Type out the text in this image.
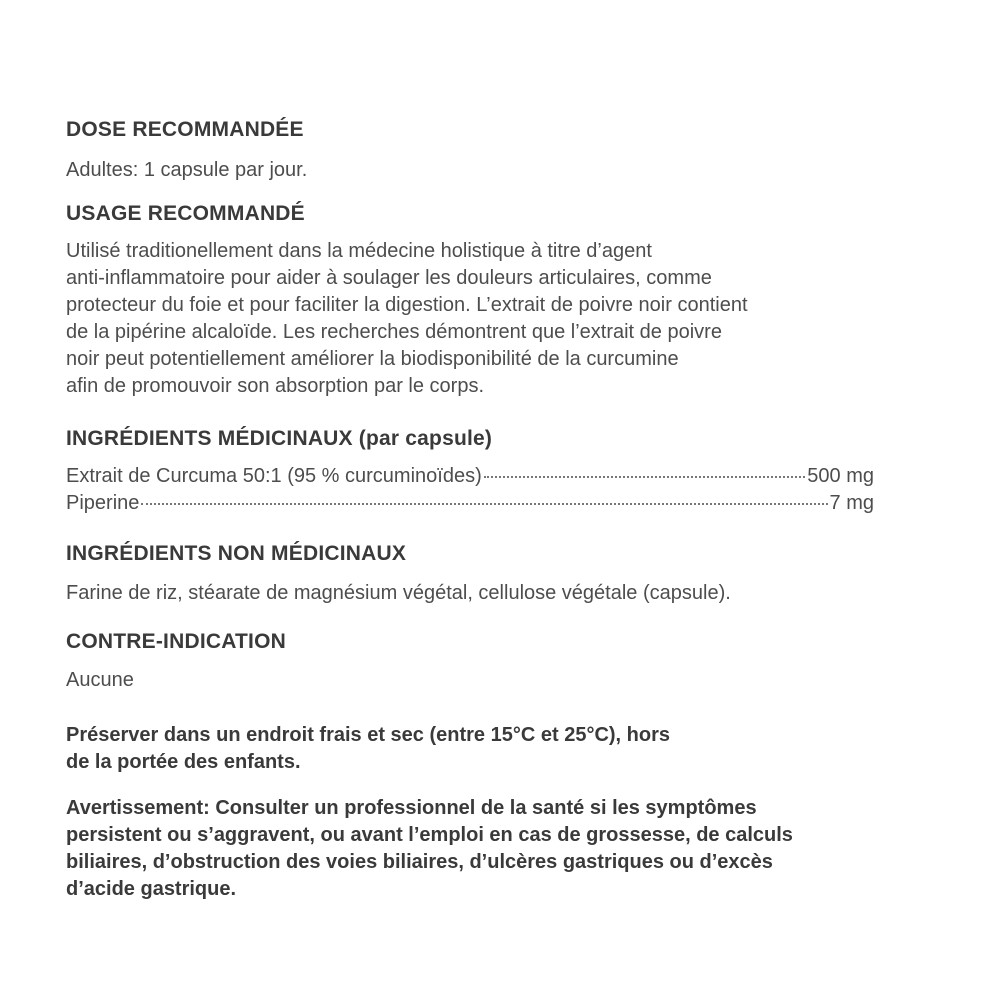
DOSE RECOMMANDÉE
Adultes: 1 capsule par jour.
USAGE RECOMMANDÉ
Utilisé traditionellement dans la médecine holistique à titre d’agent
anti-inflammatoire pour aider à soulager les douleurs articulaires, comme
protecteur du foie et pour faciliter la digestion. L’extrait de poivre noir contient
de la pipérine alcaloïde. Les recherches démontrent que l’extrait de poivre
noir peut potentiellement améliorer la biodisponibilité de la curcumine
afin de promouvoir son absorption par le corps.
INGRÉDIENTS MÉDICINAUX (par capsule)
Extrait de Curcuma 50:1 (95 % curcuminoïdes)	500 mg
Piperine	7 mg
INGRÉDIENTS NON MÉDICINAUX
Farine de riz, stéarate de magnésium végétal, cellulose végétale (capsule).
CONTRE-INDICATION
Aucune
Préserver dans un endroit frais et sec (entre 15°C et 25°C), hors
de la portée des enfants.
Avertissement: Consulter un professionnel de la santé si les symptômes
persistent ou s’aggravent, ou avant l’emploi en cas de grossesse, de calculs
biliaires, d’obstruction des voies biliaires, d’ulcères gastriques ou d’excès
d’acide gastrique.
